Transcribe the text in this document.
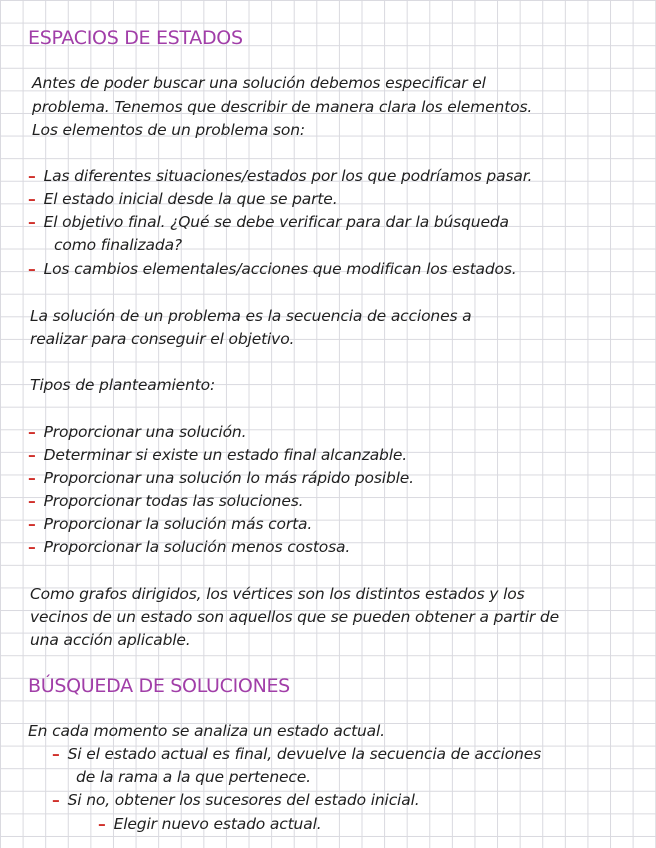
ESPACIOS DE ESTADOS
Antes de poder buscar una solución debemos especificar el
problema. Tenemos que describir de manera clara los elementos.
Los elementos de un problema son:
– Las diferentes situaciones/estados por los que podríamos pasar.
– El estado inicial desde la que se parte.
– El objetivo final. ¿Qué se debe verificar para dar la búsqueda
como finalizada?
– Los cambios elementales/acciones que modifican los estados.
La solución de un problema es la secuencia de acciones a
realizar para conseguir el objetivo.
Tipos de planteamiento:
– Proporcionar una solución.
– Determinar si existe un estado final alcanzable.
– Proporcionar una solución lo más rápido posible.
– Proporcionar todas las soluciones.
– Proporcionar la solución más corta.
– Proporcionar la solución menos costosa.
Como grafos dirigidos, los vértices son los distintos estados y los
vecinos de un estado son aquellos que se pueden obtener a partir de
una acción aplicable.
BÚSQUEDA DE SOLUCIONES
En cada momento se analiza un estado actual.
– Si el estado actual es final, devuelve la secuencia de acciones
de la rama a la que pertenece.
– Si no, obtener los sucesores del estado inicial.
– Elegir nuevo estado actual.
